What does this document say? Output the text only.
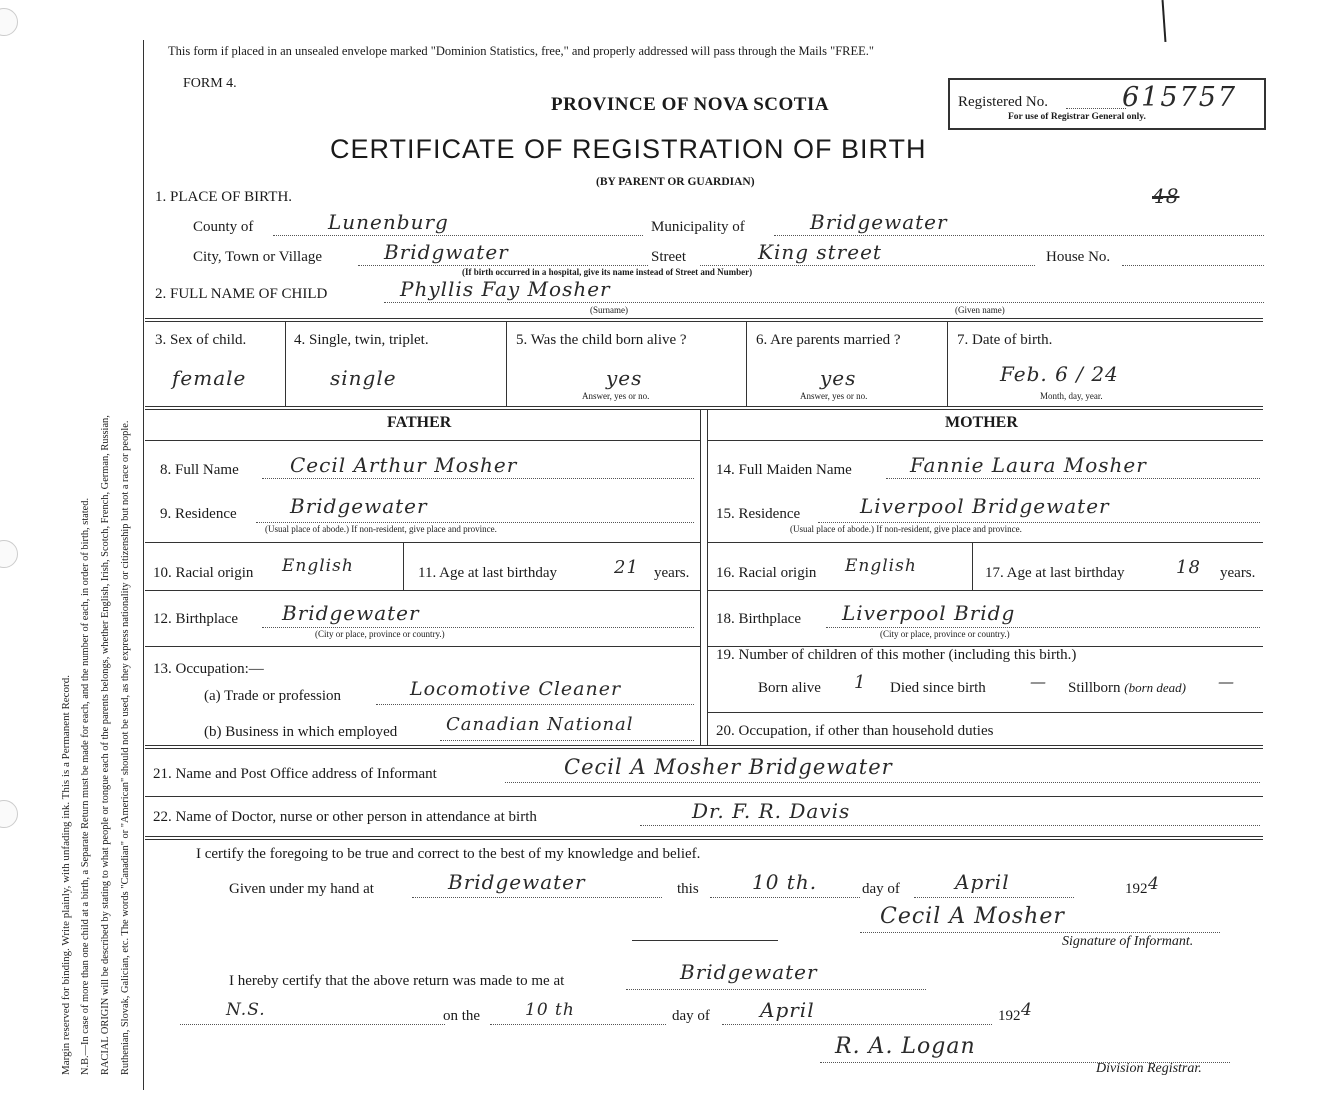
Margin reserved for binding. Write plainly, with unfading ink. This is a Permanent Record. N.B.—In case of more than one child at a birth, a Separate Return must be made for each, and the number of each, in order of birth, stated. RACIAL ORIGIN will be described by stating to what people or tongue each of the parents belongs, whether English, Irish, Scotch, French, German, Russian, Ruthenian, Slovak, Galician, etc. The words "Canadian" or "American" should not be used, as they express nationality or citizenship but not a race or people.
This form if placed in an unsealed envelope marked "Dominion Statistics, free," and properly addressed will pass through the Mails "FREE."
FORM 4.
PROVINCE OF NOVA SCOTIA
CERTIFICATE OF REGISTRATION OF BIRTH
(BY PARENT OR GUARDIAN)
Registered No.	615757
For use of Registrar General only.
48
1. PLACE OF BIRTH.
County of	Lunenburg	Municipality of	Bridgewater
City, Town or Village	Bridgwater	Street	King street	House No.
(If birth occurred in a hospital, give its name instead of Street and Number)
2. FULL NAME OF CHILD	Phyllis Fay Mosher
(Surname)	(Given name)
3. Sex of child.
female
4. Single, twin, triplet.
single
5. Was the child born alive ?
yes
Answer, yes or no.
6. Are parents married ?
yes
Answer, yes or no.
7. Date of birth.
Feb. 6 / 24
Month, day, year.
FATHER	MOTHER
8. Full Name	Cecil Arthur Mosher
9. Residence	Bridgewater
(Usual place of abode.) If non-resident, give place and province.
10. Racial origin English	11. Age at last birthday	21 years.
12. Birthplace Bridgewater
(City or place, province or country.)
13. Occupation:—
(a) Trade or profession	Locomotive Cleaner
(b) Business in which employed	Canadian National
14. Full Maiden Name	Fannie Laura Mosher
15. Residence	Liverpool Bridgewater
(Usual place of abode.) If non-resident, give place and province.
16. Racial origin English	17. Age at last birthday	18 years.
18. Birthplace Liverpool Bridg
(City or place, province or country.)
19. Number of children of this mother (including this birth.)
Born alive 1 Died since birth	— Stillborn (born dead) —
20. Occupation, if other than household duties
21. Name and Post Office address of Informant	Cecil A Mosher Bridgewater
22. Name of Doctor, nurse or other person in attendance at birth	Dr. F. R. Davis
I certify the foregoing to be true and correct to the best of my knowledge and belief.
Given under my hand at	Bridgewater	this	10 th.	day of	April	192 4
Cecil A Mosher
Signature of Informant.
I hereby certify that the above return was made to me at	Bridgewater
N.S.	on the	10 th	day of	April	192 4
R. A. Logan
Division Registrar.
